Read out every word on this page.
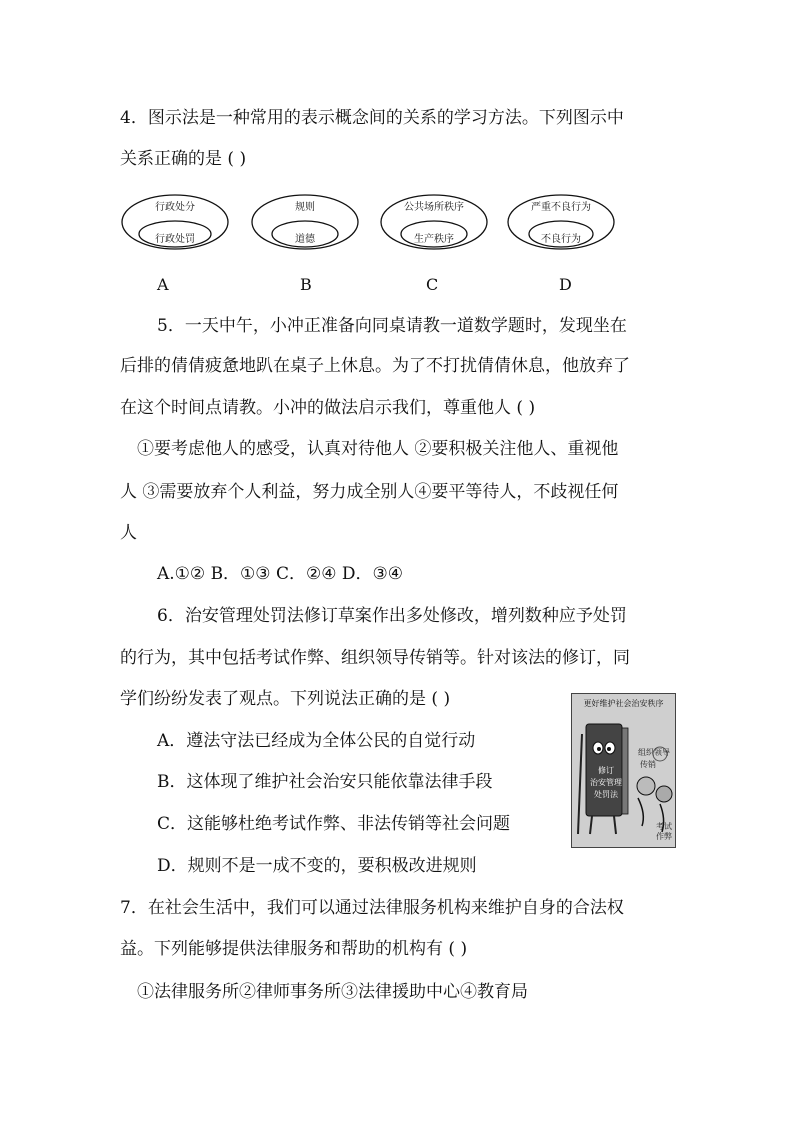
4．图示法是一种常用的表示概念间的关系的学习方法。下列图示中
关系正确的是 ( )
行政处分
行政处罚
规则
道德
公共场所秩序
生产秩序
严重不良行为
不良行为
A	B	C	D
5．一天中午，小冲正准备向同桌请教一道数学题时，发现坐在
后排的倩倩疲惫地趴在桌子上休息。为了不打扰倩倩休息，他放弃了
在这个时间点请教。小冲的做法启示我们，尊重他人 ( )
①要考虑他人的感受，认真对待他人 ②要积极关注他人、重视他
人 ③需要放弃个人利益，努力成全别人④要平等待人，不歧视任何
人
A.①② B．①③ C．②④ D．③④
6．治安管理处罚法修订草案作出多处修改，增列数种应予处罚
的行为，其中包括考试作弊、组织领导传销等。针对该法的修订，同
学们纷纷发表了观点。下列说法正确的是 ( )
A．遵法守法已经成为全体公民的自觉行动
B．这体现了维护社会治安只能依靠法律手段
C．这能够杜绝考试作弊、非法传销等社会问题
D．规则不是一成不变的，要积极改进规则
更好维护社会治安秩序
修订
治安管理
处罚法
组织领导
传销
考试
作弊
7．在社会生活中，我们可以通过法律服务机构来维护自身的合法权
益。下列能够提供法律服务和帮助的机构有 ( )
①法律服务所②律师事务所③法律援助中心④教育局
